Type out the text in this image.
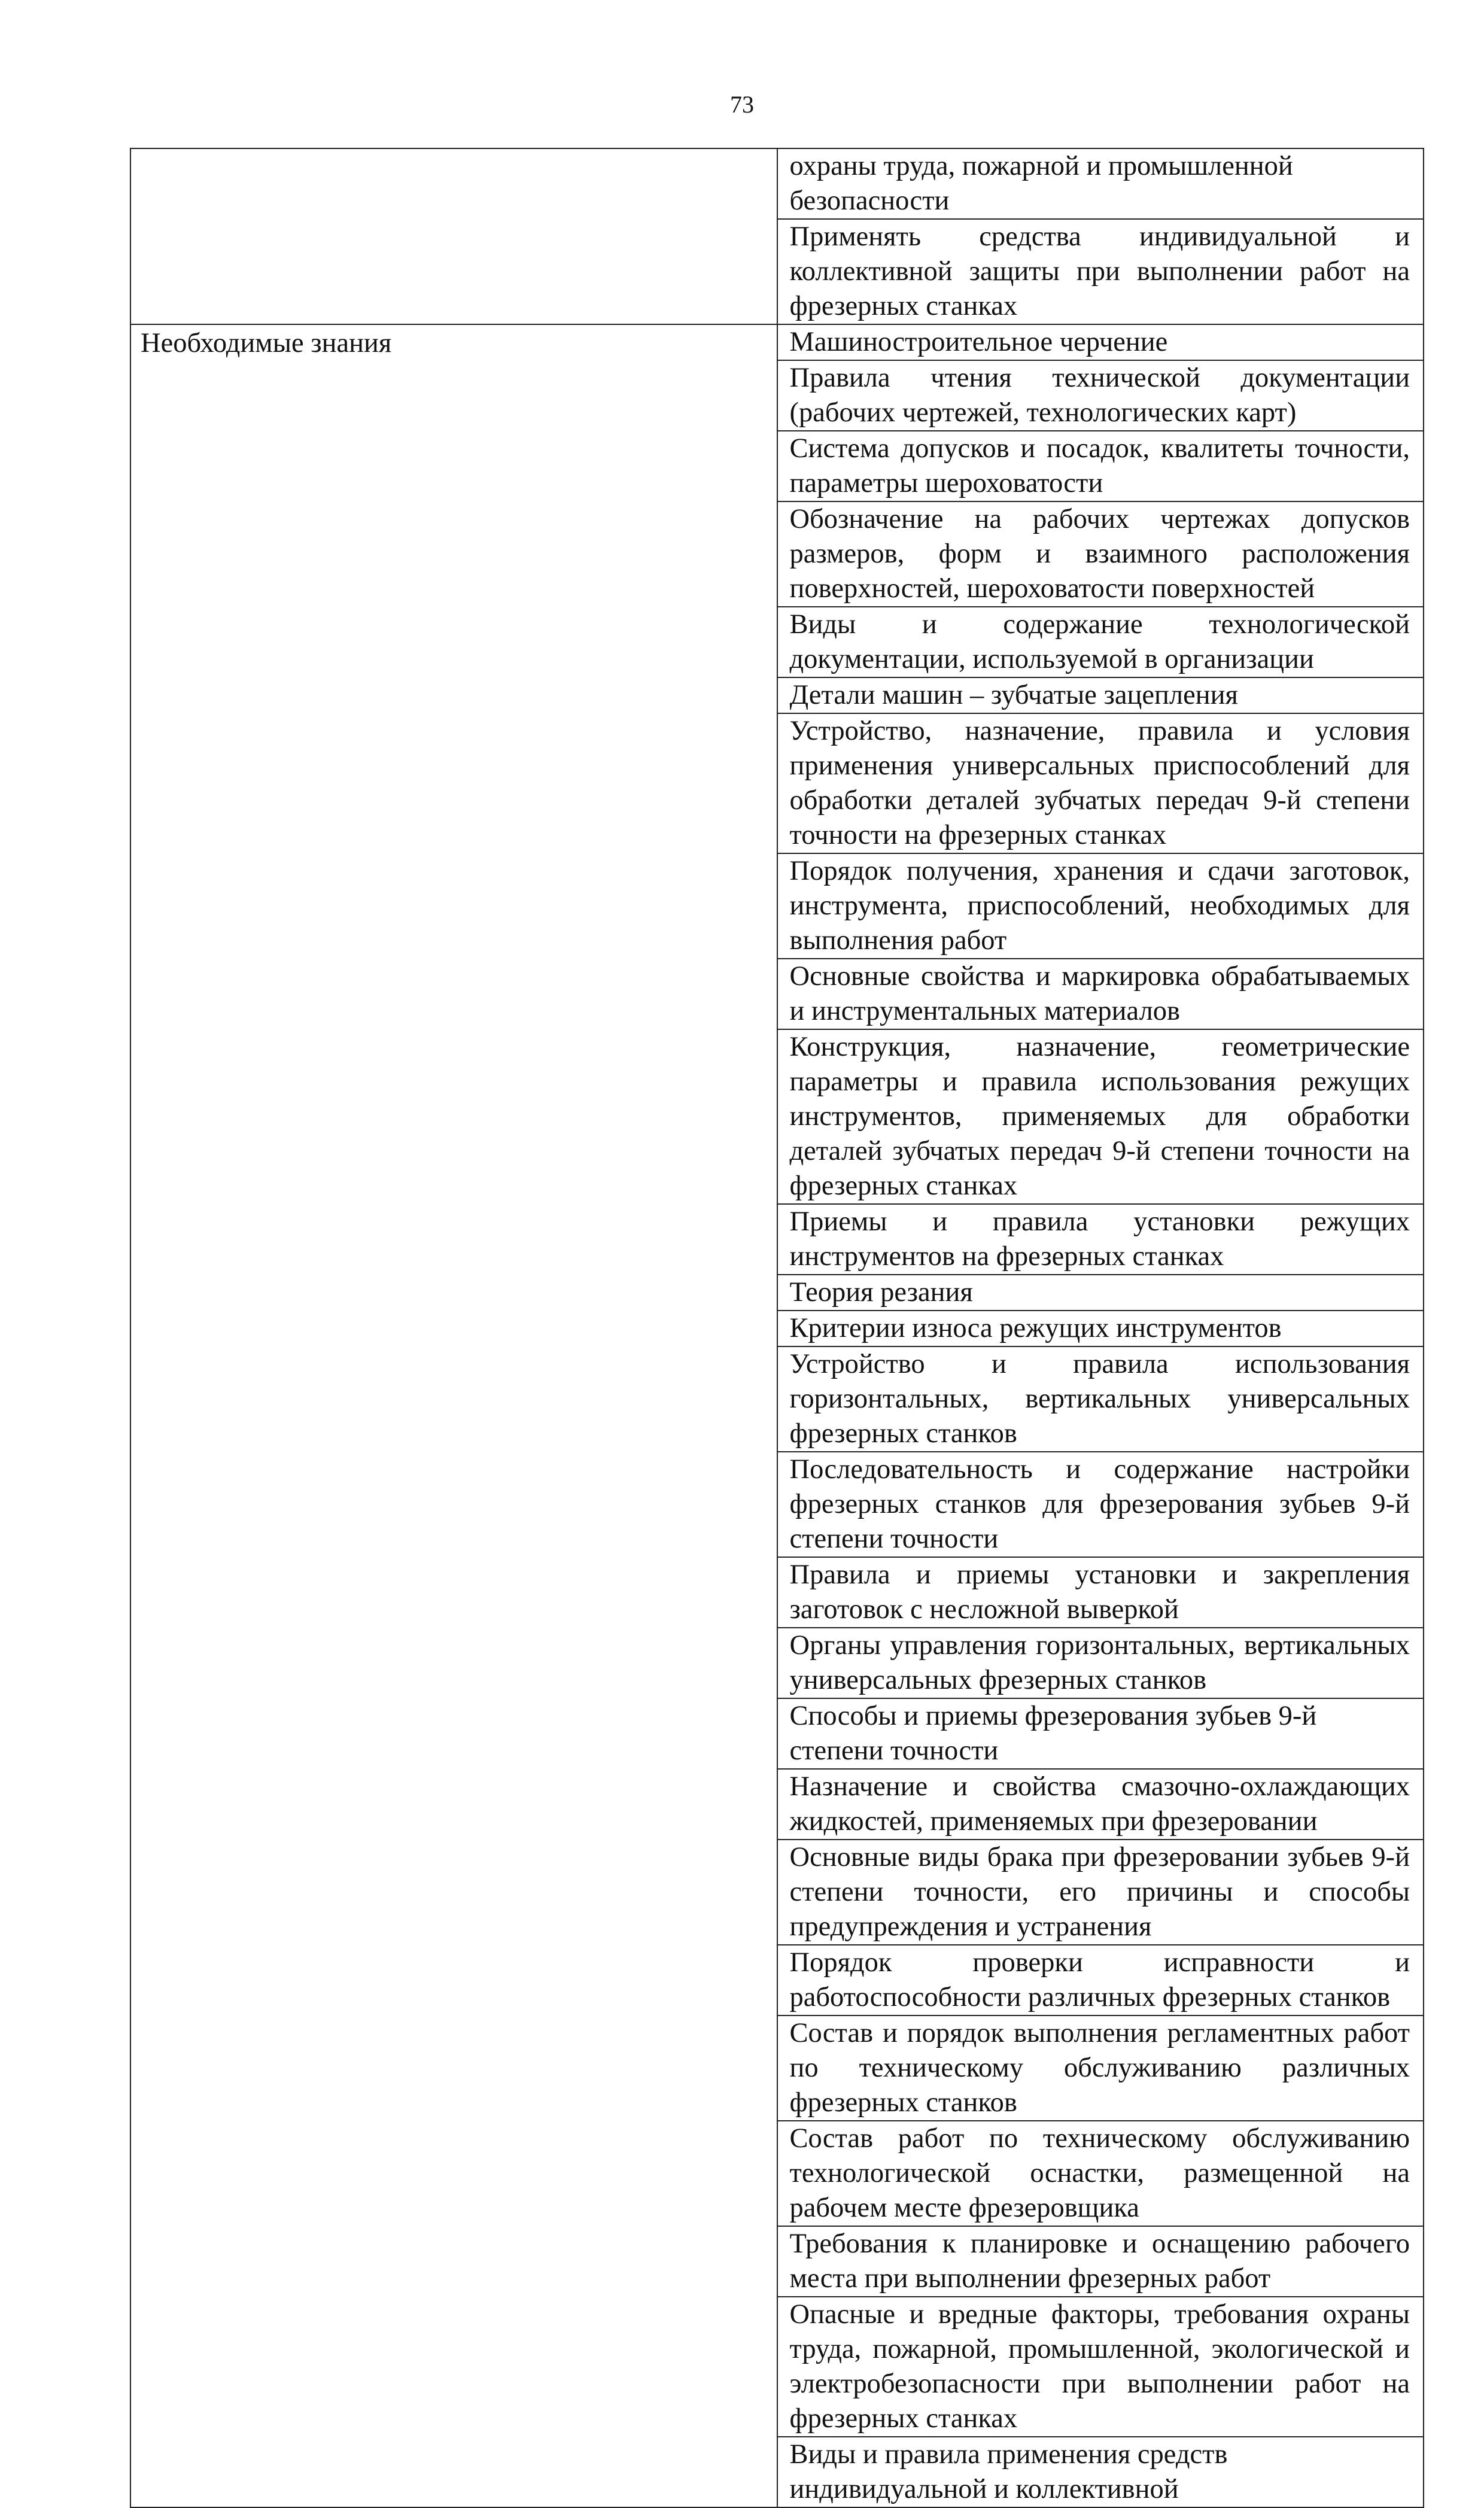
73
	охраны труда, пожарной и промышленной безопасности
	Применять средства индивидуальной и коллективной защиты при выполнении работ на фрезерных станках
Необходимые знания	Машиностроительное черчение
	Правила чтения технической документации (рабочих чертежей, технологических карт)
	Система допусков и посадок, квалитеты точности, параметры шероховатости
	Обозначение на рабочих чертежах допусков размеров, форм и взаимного расположения поверхностей, шероховатости поверхностей
	Виды и содержание технологической документации, используемой в организации
	Детали машин – зубчатые зацепления
	Устройство, назначение, правила и условия применения универсальных приспособлений для обработки деталей зубчатых передач 9-й степени точности на фрезерных станках
	Порядок получения, хранения и сдачи заготовок, инструмента, приспособлений, необходимых для выполнения работ
	Основные свойства и маркировка обрабатываемых и инструментальных материалов
	Конструкция, назначение, геометрические параметры и правила использования режущих инструментов, применяемых для обработки деталей зубчатых передач 9-й степени точности на фрезерных станках
	Приемы и правила установки режущих инструментов на фрезерных станках
	Теория резания
	Критерии износа режущих инструментов
	Устройство и правила использования горизонтальных, вертикальных универсальных фрезерных станков
	Последовательность и содержание настройки фрезерных станков для фрезерования зубьев 9-й степени точности
	Правила и приемы установки и закрепления заготовок с несложной выверкой
	Органы управления горизонтальных, вертикальных универсальных фрезерных станков
	Способы и приемы фрезерования зубьев 9-й степени точности
	Назначение и свойства смазочно-охлаждающих жидкостей, применяемых при фрезеровании
	Основные виды брака при фрезеровании зубьев 9-й степени точности, его причины и способы предупреждения и устранения
	Порядок проверки исправности и работоспособности различных фрезерных станков
	Состав и порядок выполнения регламентных работ по техническому обслуживанию различных фрезерных станков
	Состав работ по техническому обслуживанию технологической оснастки, размещенной на рабочем месте фрезеровщика
	Требования к планировке и оснащению рабочего места при выполнении фрезерных работ
	Опасные и вредные факторы, требования охраны труда, пожарной, промышленной, экологической и электробезопасности при выполнении работ на фрезерных станках
	Виды и правила применения средств индивидуальной и коллективной
